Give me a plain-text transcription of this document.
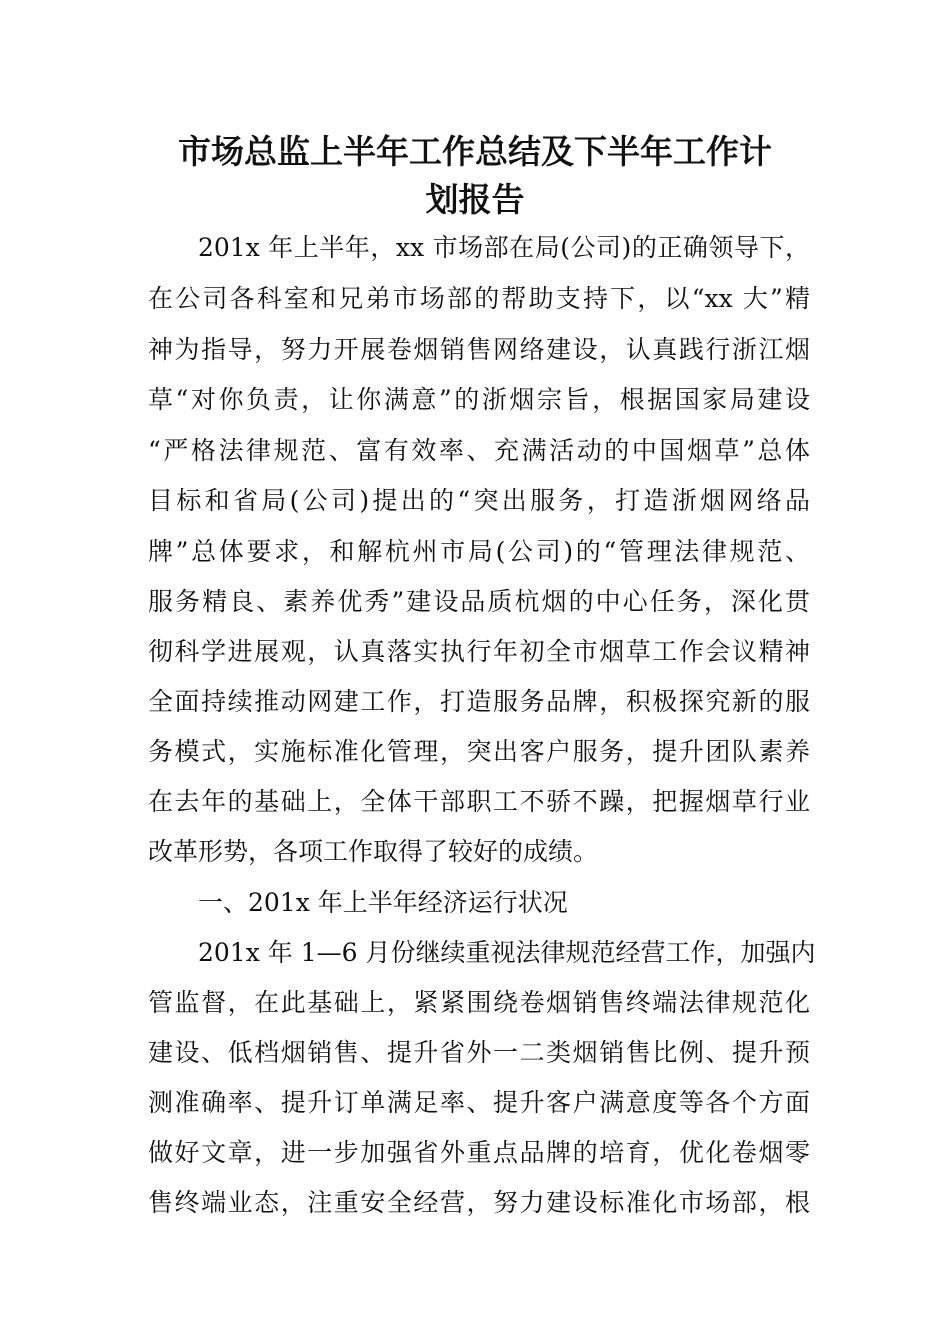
市场总监上半年工作总结及下半年工作计
划报告
201x 年上半年，xx 市场部在局(公司)的正确领导下，
在公司各科室和兄弟市场部的帮助支持下，以“xx 大”精
神为指导，努力开展卷烟销售网络建设，认真践行浙江烟
草“对你负责，让你满意”的浙烟宗旨，根据国家局建设
“严格法律规范、富有效率、充满活动的中国烟草”总体
目标和省局(公司)提出的“突出服务，打造浙烟网络品
牌”总体要求，和解杭州市局(公司)的“管理法律规范、
服务精良、素养优秀”建设品质杭烟的中心任务，深化贯
彻科学进展观，认真落实执行年初全市烟草工作会议精神
全面持续推动网建工作，打造服务品牌，积极探究新的服
务模式，实施标准化管理，突出客户服务，提升团队素养
在去年的基础上，全体干部职工不骄不躁，把握烟草行业
改革形势，各项工作取得了较好的成绩。
一、201x 年上半年经济运行状况
201x 年 1—6 月份继续重视法律规范经营工作，加强内
管监督，在此基础上，紧紧围绕卷烟销售终端法律规范化
建设、低档烟销售、提升省外一二类烟销售比例、提升预
测准确率、提升订单满足率、提升客户满意度等各个方面
做好文章，进一步加强省外重点品牌的培育，优化卷烟零
售终端业态，注重安全经营，努力建设标准化市场部，根
